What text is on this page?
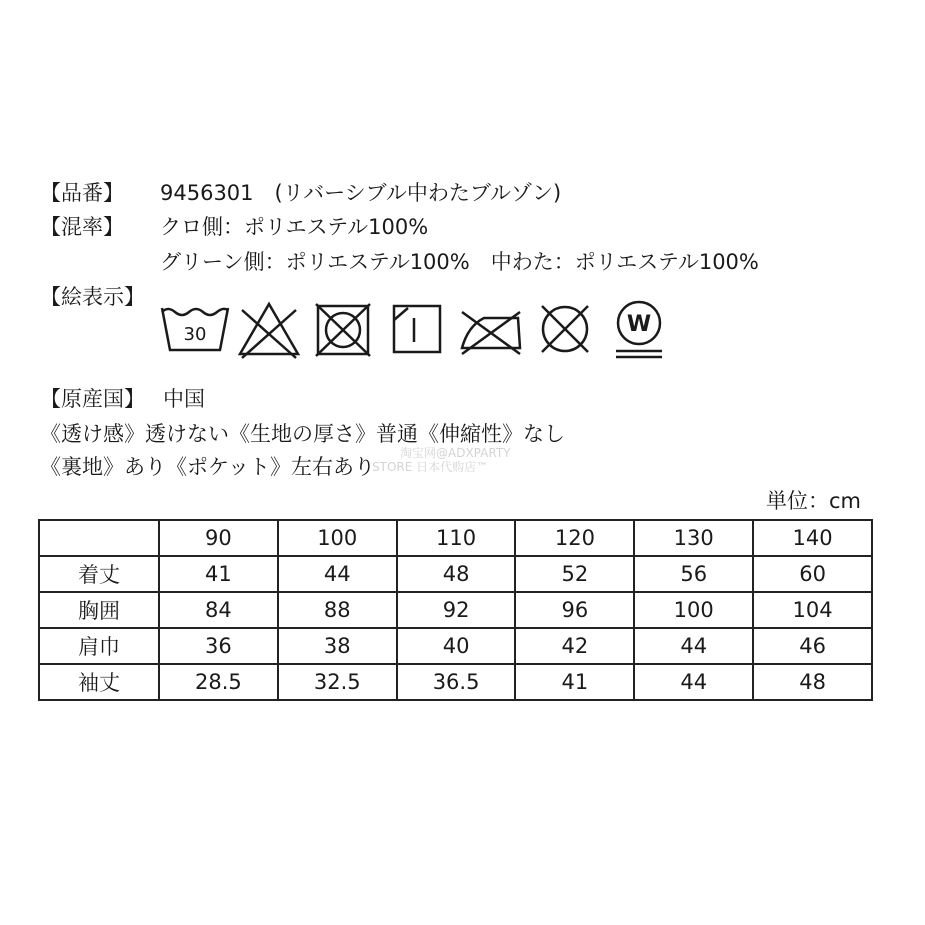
【品番】 9456301　(リバーシブル中わたブルゾン)
【混率】 クロ側：ポリエステル100%
グリーン側：ポリエステル100%　中わた：ポリエステル100%
【絵表示】
30	W
【原産国】 中国
《透け感》透けない《生地の厚さ》普通《伸縮性》なし
《裏地》あり《ポケット》左右あり
淘宝网@ADXPARTY
STORE 日本代购店™
単位：cm
	90	100	110	120	130	140
着丈	41	44	48	52	56	60
胸囲	84	88	92	96	100	104
肩巾	36	38	40	42	44	46
袖丈	28.5	32.5	36.5	41	44	48
